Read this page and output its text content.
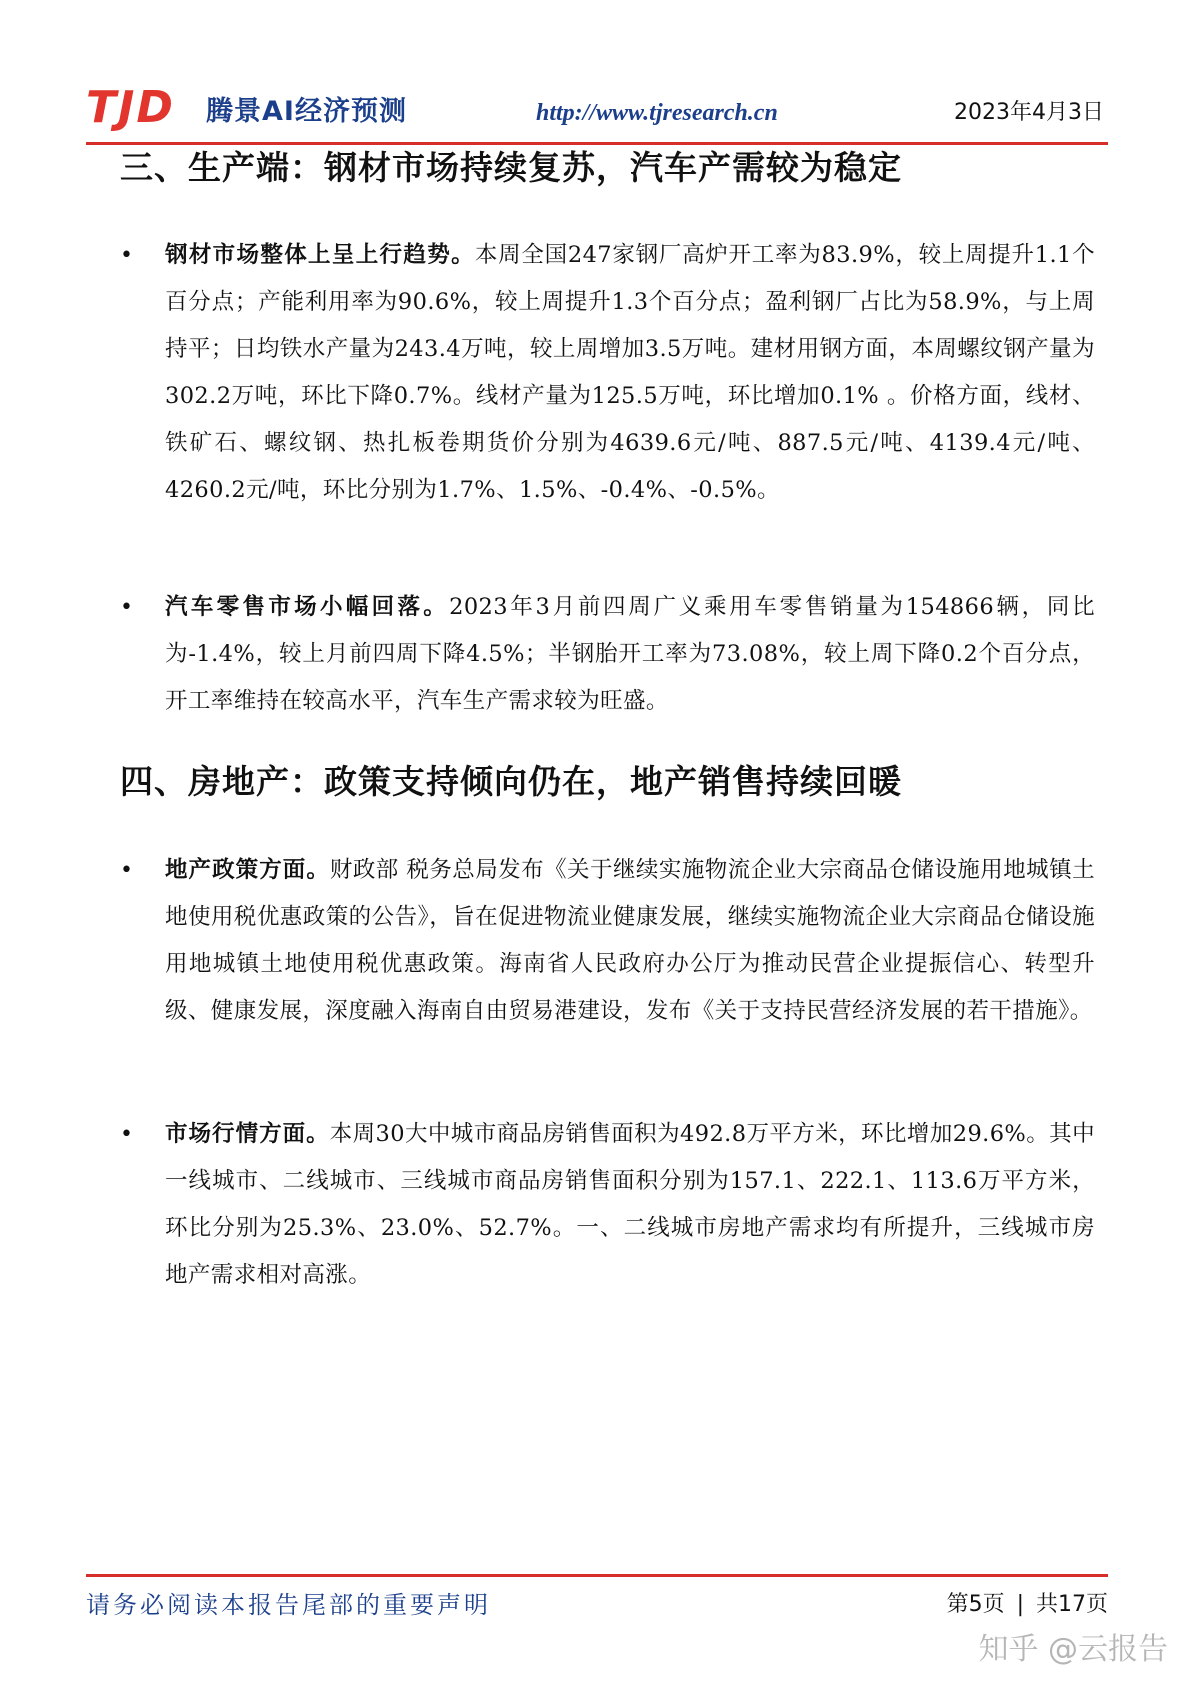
TJD 腾景AI经济预测	http://www.tjresearch.cn	2023年4月3日
三、生产端：钢材市场持续复苏，汽车产需较为稳定
• 钢材市场整体上呈上行趋势。本周全国247家钢厂高炉开工率为83.9%，较上周提升1.1个百分点；产能利用率为90.6%，较上周提升1.3个百分点；盈利钢厂占比为58.9%，与上周持平；日均铁水产量为243.4万吨，较上周增加3.5万吨。建材用钢方面，本周螺纹钢产量为302.2万吨，环比下降0.7%。线材产量为125.5万吨，环比增加0.1% 。价格方面，线材、铁矿石、螺纹钢、热扎板卷期货价分别为4639.6元/吨、887.5元/吨、4139.4元/吨、4260.2元/吨，环比分别为1.7%、1.5%、-0.4%、-0.5%。
• 汽车零售市场小幅回落。2023年3月前四周广义乘用车零售销量为154866辆，同比为-1.4%，较上月前四周下降4.5%；半钢胎开工率为73.08%，较上周下降0.2个百分点，开工率维持在较高水平，汽车生产需求较为旺盛。
四、房地产：政策支持倾向仍在，地产销售持续回暖
• 地产政策方面。财政部 税务总局发布《关于继续实施物流企业大宗商品仓储设施用地城镇土地使用税优惠政策的公告》，旨在促进物流业健康发展，继续实施物流企业大宗商品仓储设施用地城镇土地使用税优惠政策。海南省人民政府办公厅为推动民营企业提振信心、转型升级、健康发展，深度融入海南自由贸易港建设，发布《关于支持民营经济发展的若干措施》。
• 市场行情方面。本周30大中城市商品房销售面积为492.8万平方米，环比增加29.6%。其中一线城市、二线城市、三线城市商品房销售面积分别为157.1、222.1、113.6万平方米，环比分别为25.3%、23.0%、52.7%。一、二线城市房地产需求均有所提升，三线城市房地产需求相对高涨。
请务必阅读本报告尾部的重要声明	第5页 | 共17页
知乎 @云报告
